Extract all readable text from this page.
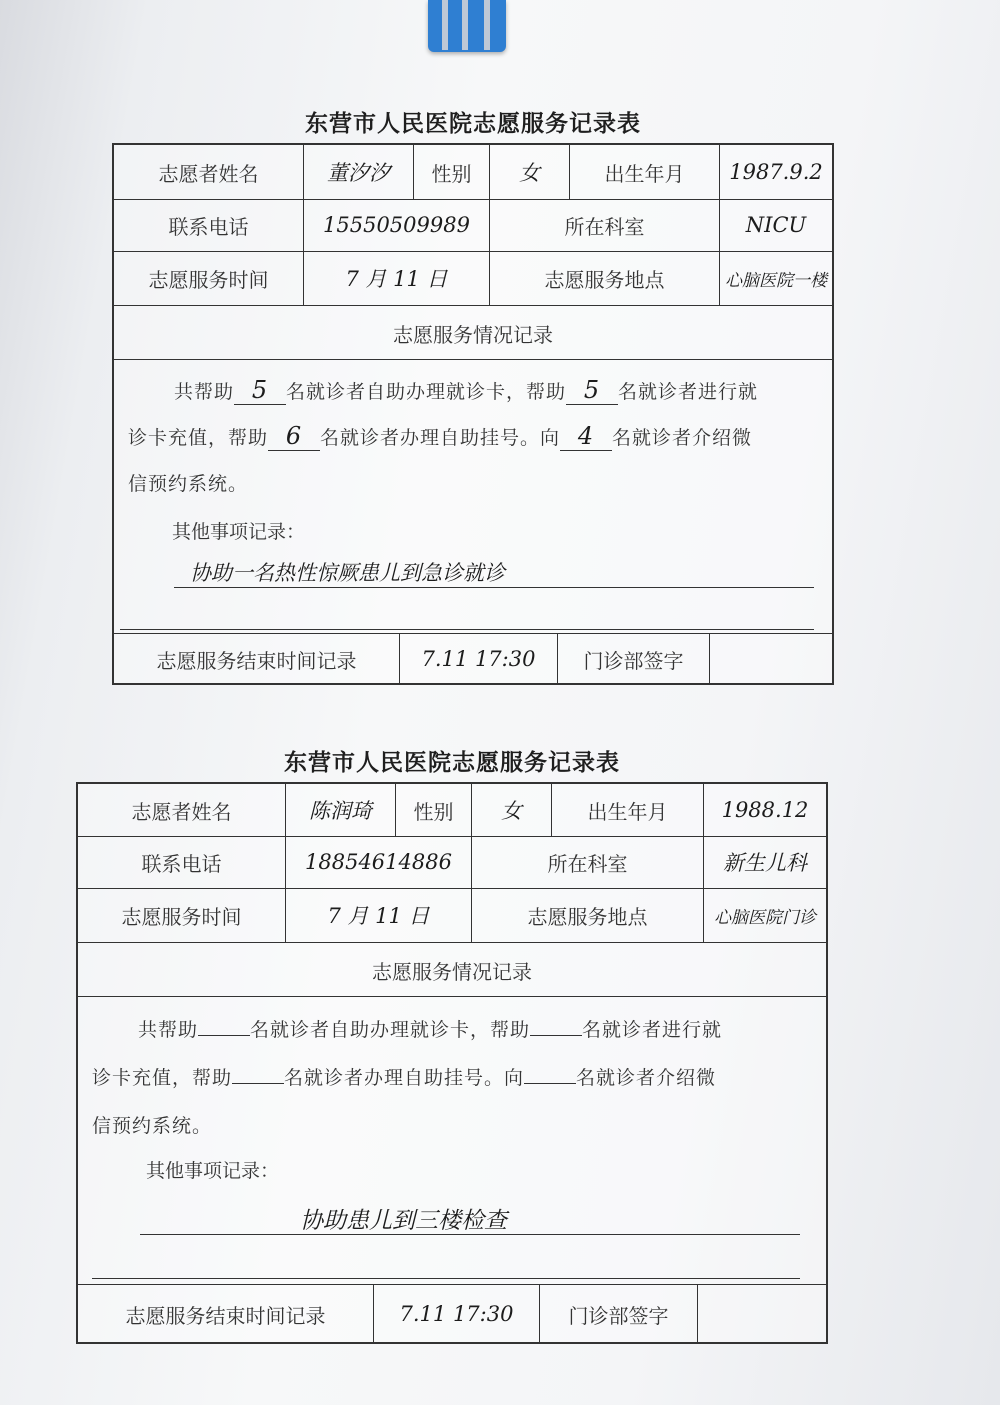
东营市人民医院志愿服务记录表
志愿者姓名	董汐汐	性别	女	出生年月	1987.9.2
联系电话	15550509989	所在科室	NICU
志愿服务时间	7 月 11 日	志愿服务地点	心脑医院一楼
志愿服务情况记录
共帮助 5 名就诊者自助办理就诊卡，帮助 5 名就诊者进行就
诊卡充值，帮助 6 名就诊者办理自助挂号。向 4 名就诊者介绍微
信预约系统。
其他事项记录：
协助一名热性惊厥患儿到急诊就诊
志愿服务结束时间记录	7.11 17:30	门诊部签字
东营市人民医院志愿服务记录表
志愿者姓名	陈润琦	性别	女	出生年月	1988.12
联系电话	18854614886	所在科室	新生儿科
志愿服务时间	7 月 11 日	志愿服务地点	心脑医院门诊
志愿服务情况记录
共帮助	名就诊者自助办理就诊卡，帮助	名就诊者进行就
诊卡充值，帮助	名就诊者办理自助挂号。向	名就诊者介绍微
信预约系统。
其他事项记录：
协助患儿到三楼检查
志愿服务结束时间记录	7.11 17:30	门诊部签字
